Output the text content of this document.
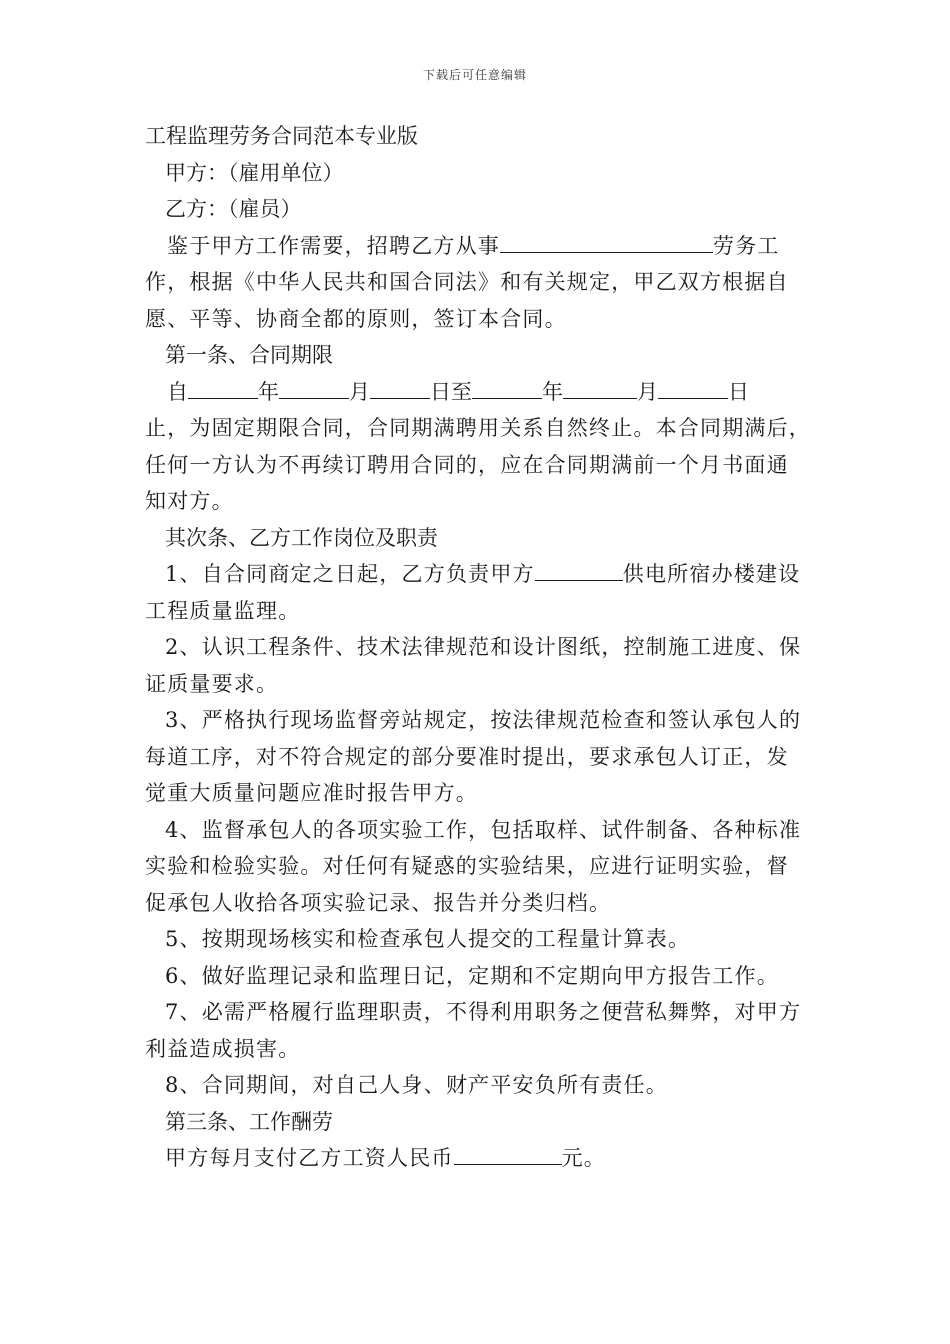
下载后可任意编辑
工程监理劳务合同范本专业版
甲方：（雇用单位）
乙方：（雇员）
鉴于甲方工作需要，招聘乙方从事	劳务工
作，根据《中华人民共和国合同法》和有关规定，甲乙双方根据自
愿、平等、协商全都的原则，签订本合同。
第一条、合同期限
自	年	月	日至	年	月	日
止，为固定期限合同，合同期满聘用关系自然终止。本合同期满后，
任何一方认为不再续订聘用合同的，应在合同期满前一个月书面通
知对方。
其次条、乙方工作岗位及职责
1、自合同商定之日起，乙方负责甲方	供电所宿办楼建设
工程质量监理。
2、认识工程条件、技术法律规范和设计图纸，控制施工进度、保
证质量要求。
3、严格执行现场监督旁站规定，按法律规范检查和签认承包人的
每道工序，对不符合规定的部分要准时提出，要求承包人订正，发
觉重大质量问题应准时报告甲方。
4、监督承包人的各项实验工作，包括取样、试件制备、各种标准
实验和检验实验。对任何有疑惑的实验结果，应进行证明实验，督
促承包人收拾各项实验记录、报告并分类归档。
5、按期现场核实和检查承包人提交的工程量计算表。
6、做好监理记录和监理日记，定期和不定期向甲方报告工作。
7、必需严格履行监理职责，不得利用职务之便营私舞弊，对甲方
利益造成损害。
8、合同期间，对自己人身、财产平安负所有责任。
第三条、工作酬劳
甲方每月支付乙方工资人民币	元。
